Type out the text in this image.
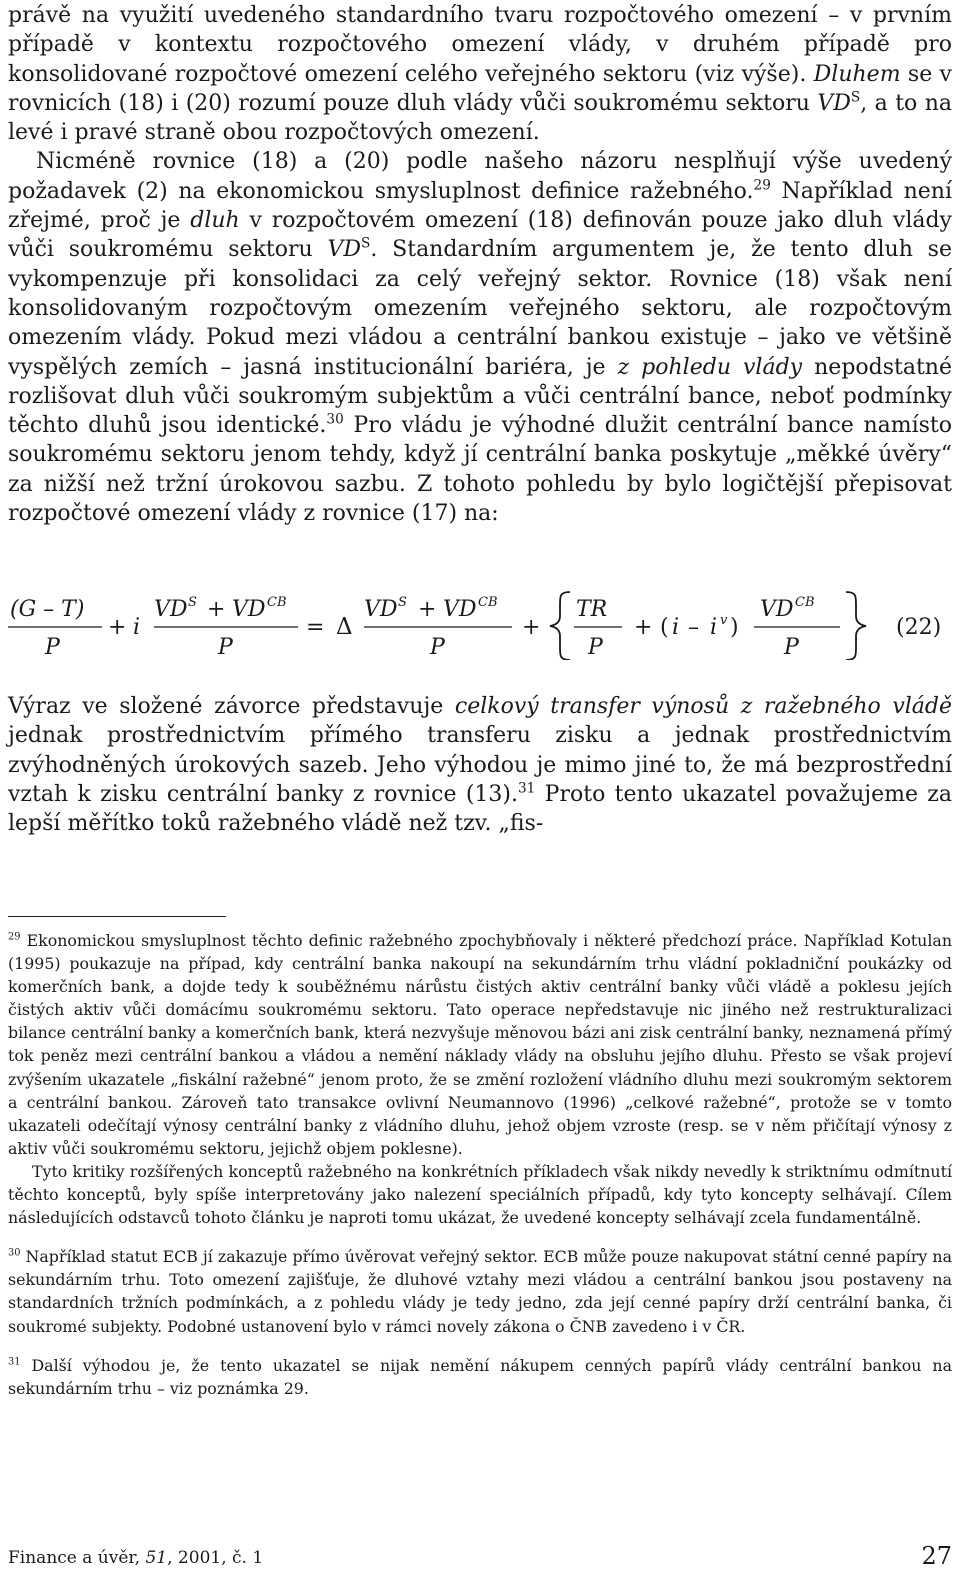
právě na využití uvedeného standardního tvaru rozpočtového omezení – v prvním případě v kontextu rozpočtového omezení vlády, v druhém případě pro konsolidované rozpočtové omezení celého veřejného sektoru (viz výše). Dluhem se v rovnicích (18) i (20) rozumí pouze dluh vlády vůči soukromému sektoru $VD^S$, a to na levé i pravé straně obou rozpočtových omezení.

Nicméně rovnice (18) a (20) podle našeho názoru nesplňují výše uvedený požadavek (2) na ekonomickou smysluplnost definice ražebného.$^{29}$ Například není zřejmé, proč je dluh v rozpočtovém omezení (18) definován pouze jako dluh vlády vůči soukromému sektoru $VD^S$. Standardním argumentem je, že tento dluh se vykompenzuje při konsolidaci za celý veřejný sektor. Rovnice (18) však není konsolidovaným rozpočtovým omezením veřejného sektoru, ale rozpočtovým omezením vlády. Pokud mezi vládou a centrální bankou existuje – jako ve většině vyspělých zemích – jasná institucionální bariéra, je z pohledu vlády nepodstatné rozlišovat dluh vůči soukromým subjektům a vůči centrální bance, neboť podmínky těchto dluhů jsou identické.$^{30}$ Pro vládu je výhodné dlužit centrální bance namísto soukromému sektoru jenom tehdy, když jí centrální banka poskytuje „měkké úvěry“ za nižší než tržní úrokovou sazbu. Z tohoto pohledu by bylo logičtější přepisovat rozpočtové omezení vlády z rovnice (17) na:

(G – T)
P
+ i
VD S + VD CB
P
= Δ
VD S + VD CB
P
+
TR
P
+ ( i – i v )
VD CB
P
(22)

Výraz ve složené závorce představuje celkový transfer výnosů z ražebného vládě jednak prostřednictvím přímého transferu zisku a jednak prostřednictvím zvýhodněných úrokových sazeb. Jeho výhodou je mimo jiné to, že má bezprostřední vztah k zisku centrální banky z rovnice (13).$^{31}$ Proto tento ukazatel považujeme za lepší měřítko toků ražebného vládě než tzv. „fis-

$^{29}$ Ekonomickou smysluplnost těchto definic ražebného zpochybňovaly i některé předchozí práce. Například Kotulan (1995) poukazuje na případ, kdy centrální banka nakoupí na sekundárním trhu vládní pokladniční poukázky od komerčních bank, a dojde tedy k souběžnému nárůstu čistých aktiv centrální banky vůči vládě a poklesu jejích čistých aktiv vůči domácímu soukromému sektoru. Tato operace nepředstavuje nic jiného než restrukturalizaci bilance centrální banky a komerčních bank, která nezvyšuje měnovou bázi ani zisk centrální banky, neznamená přímý tok peněz mezi centrální bankou a vládou a nemění náklady vlády na obsluhu jejího dluhu. Přesto se však projeví zvýšením ukazatele „fiskální ražebné“ jenom proto, že se změní rozložení vládního dluhu mezi soukromým sektorem a centrální bankou. Zároveň tato transakce ovlivní Neumannovo (1996) „celkové ražebné“, protože se v tomto ukazateli odečítají výnosy centrální banky z vládního dluhu, jehož objem vzroste (resp. se v něm přičítají výnosy z aktiv vůči soukromému sektoru, jejichž objem poklesne).

Tyto kritiky rozšířených konceptů ražebného na konkrétních příkladech však nikdy nevedly k striktnímu odmítnutí těchto konceptů, byly spíše interpretovány jako nalezení speciálních případů, kdy tyto koncepty selhávají. Cílem následujících odstavců tohoto článku je naproti tomu ukázat, že uvedené koncepty selhávají zcela fundamentálně.

$^{30}$ Například statut ECB jí zakazuje přímo úvěrovat veřejný sektor. ECB může pouze nakupovat státní cenné papíry na sekundárním trhu. Toto omezení zajišťuje, že dluhové vztahy mezi vládou a centrální bankou jsou postaveny na standardních tržních podmínkách, a z pohledu vlády je tedy jedno, zda její cenné papíry drží centrální banka, či soukromé subjekty. Podobné ustanovení bylo v rámci novely zákona o ČNB zavedeno i v ČR.

$^{31}$ Další výhodou je, že tento ukazatel se nijak nemění nákupem cenných papírů vlády centrální bankou na sekundárním trhu – viz poznámka 29.

Finance a úvěr, 51, 2001, č. 1	27
